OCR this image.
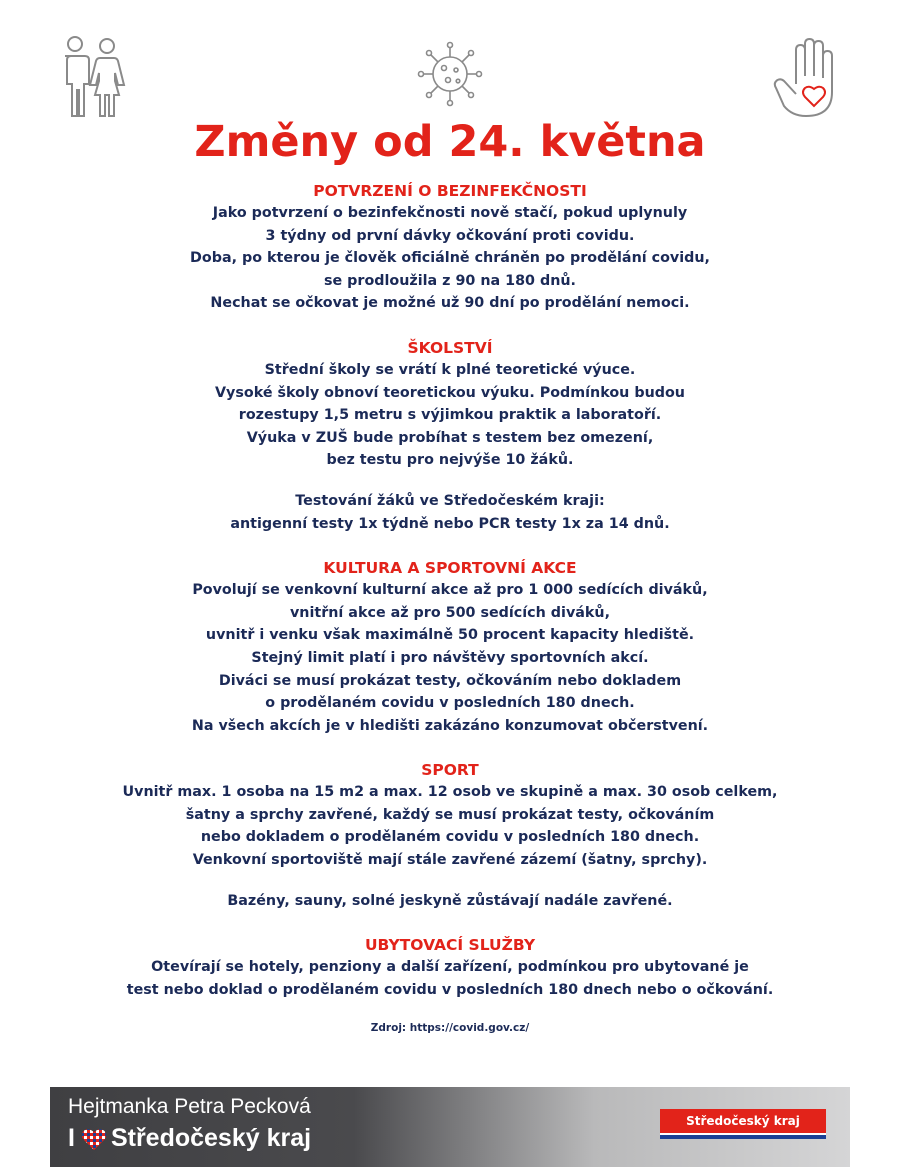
Změny od 24. května
POTVRZENÍ O BEZINFEKČNOSTI
Jako potvrzení o bezinfekčnosti nově stačí, pokud uplynuly
3 týdny od první dávky očkování proti covidu.
Doba, po kterou je člověk oficiálně chráněn po prodělání covidu,
se prodloužila z 90 na 180 dnů.
Nechat se očkovat je možné už 90 dní po prodělání nemoci.
ŠKOLSTVÍ
Střední školy se vrátí k plné teoretické výuce.
Vysoké školy obnoví teoretickou výuku. Podmínkou budou
rozestupy 1,5 metru s výjimkou praktik a laboratoří.
Výuka v ZUŠ bude probíhat s testem bez omezení,
bez testu pro nejvýše 10 žáků.
Testování žáků ve Středočeském kraji:
antigenní testy 1x týdně nebo PCR testy 1x za 14 dnů.
KULTURA A SPORTOVNÍ AKCE
Povolují se venkovní kulturní akce až pro 1 000 sedících diváků,
vnitřní akce až pro 500 sedících diváků,
uvnitř i venku však maximálně 50 procent kapacity hlediště.
Stejný limit platí i pro návštěvy sportovních akcí.
Diváci se musí prokázat testy, očkováním nebo dokladem
o prodělaném covidu v posledních 180 dnech.
Na všech akcích je v hledišti zakázáno konzumovat občerstvení.
SPORT
Uvnitř max. 1 osoba na 15 m2 a max. 12 osob ve skupině a max. 30 osob celkem,
šatny a sprchy zavřené, každý se musí prokázat testy, očkováním
nebo dokladem o prodělaném covidu v posledních 180 dnech.
Venkovní sportoviště mají stále zavřené zázemí (šatny, sprchy).
Bazény, sauny, solné jeskyně zůstávají nadále zavřené.
UBYTOVACÍ SLUŽBY
Otevírají se hotely, penziony a další zařízení, podmínkou pro ubytované je
test nebo doklad o prodělaném covidu v posledních 180 dnech nebo o očkování.
Zdroj: https://covid.gov.cz/
Hejtmanka Petra Pecková
I Středočeský kraj
Středočeský kraj
